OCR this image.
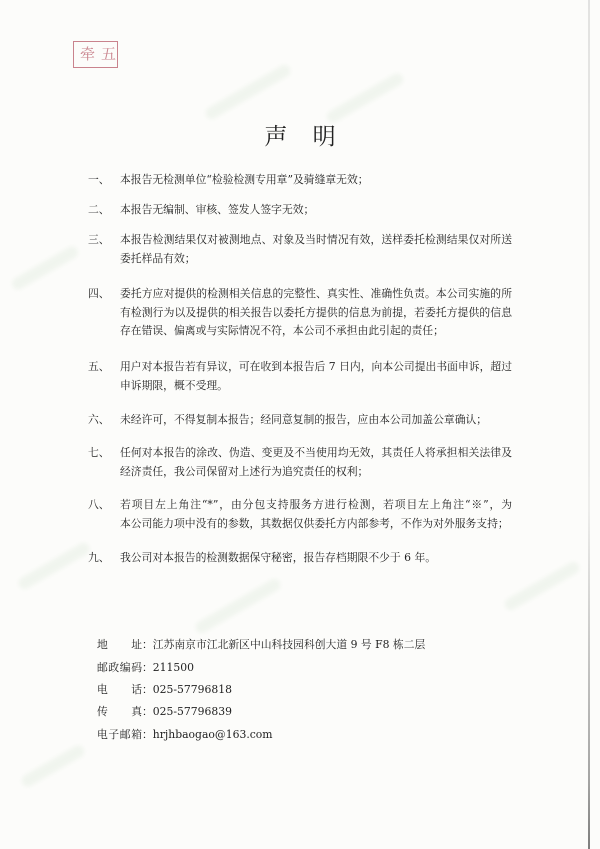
牵五
声 明
一、 本报告无检测单位“检验检测专用章”及骑缝章无效；
二、 本报告无编制、审核、签发人签字无效；
三、 本报告检测结果仅对被测地点、对象及当时情况有效，送样委托检测结果仅对所送
委托样品有效；
四、 委托方应对提供的检测相关信息的完整性、真实性、准确性负责。本公司实施的所
有检测行为以及提供的相关报告以委托方提供的信息为前提，若委托方提供的信息
存在错误、偏离或与实际情况不符，本公司不承担由此引起的责任；
五、 用户对本报告若有异议，可在收到本报告后 7 日内，向本公司提出书面申诉，超过
申诉期限，概不受理。
六、 未经许可，不得复制本报告；经同意复制的报告，应由本公司加盖公章确认；
七、 任何对本报告的涂改、伪造、变更及不当使用均无效，其责任人将承担相关法律及
经济责任，我公司保留对上述行为追究责任的权利；
八、 若项目左上角注“*”，由分包支持服务方进行检测，若项目左上角注“※”，为
本公司能力项中没有的参数，其数据仅供委托方内部参考，不作为对外服务支持；
九、 我公司对本报告的检测数据保守秘密，报告存档期限不少于 6 年。
地 址：江苏南京市江北新区中山科技园科创大道 9 号 F8 栋二层
邮政编码：211500
电 话：025-57796818
传 真：025-57796839
电子邮箱：hrjhbaogao@163.com
